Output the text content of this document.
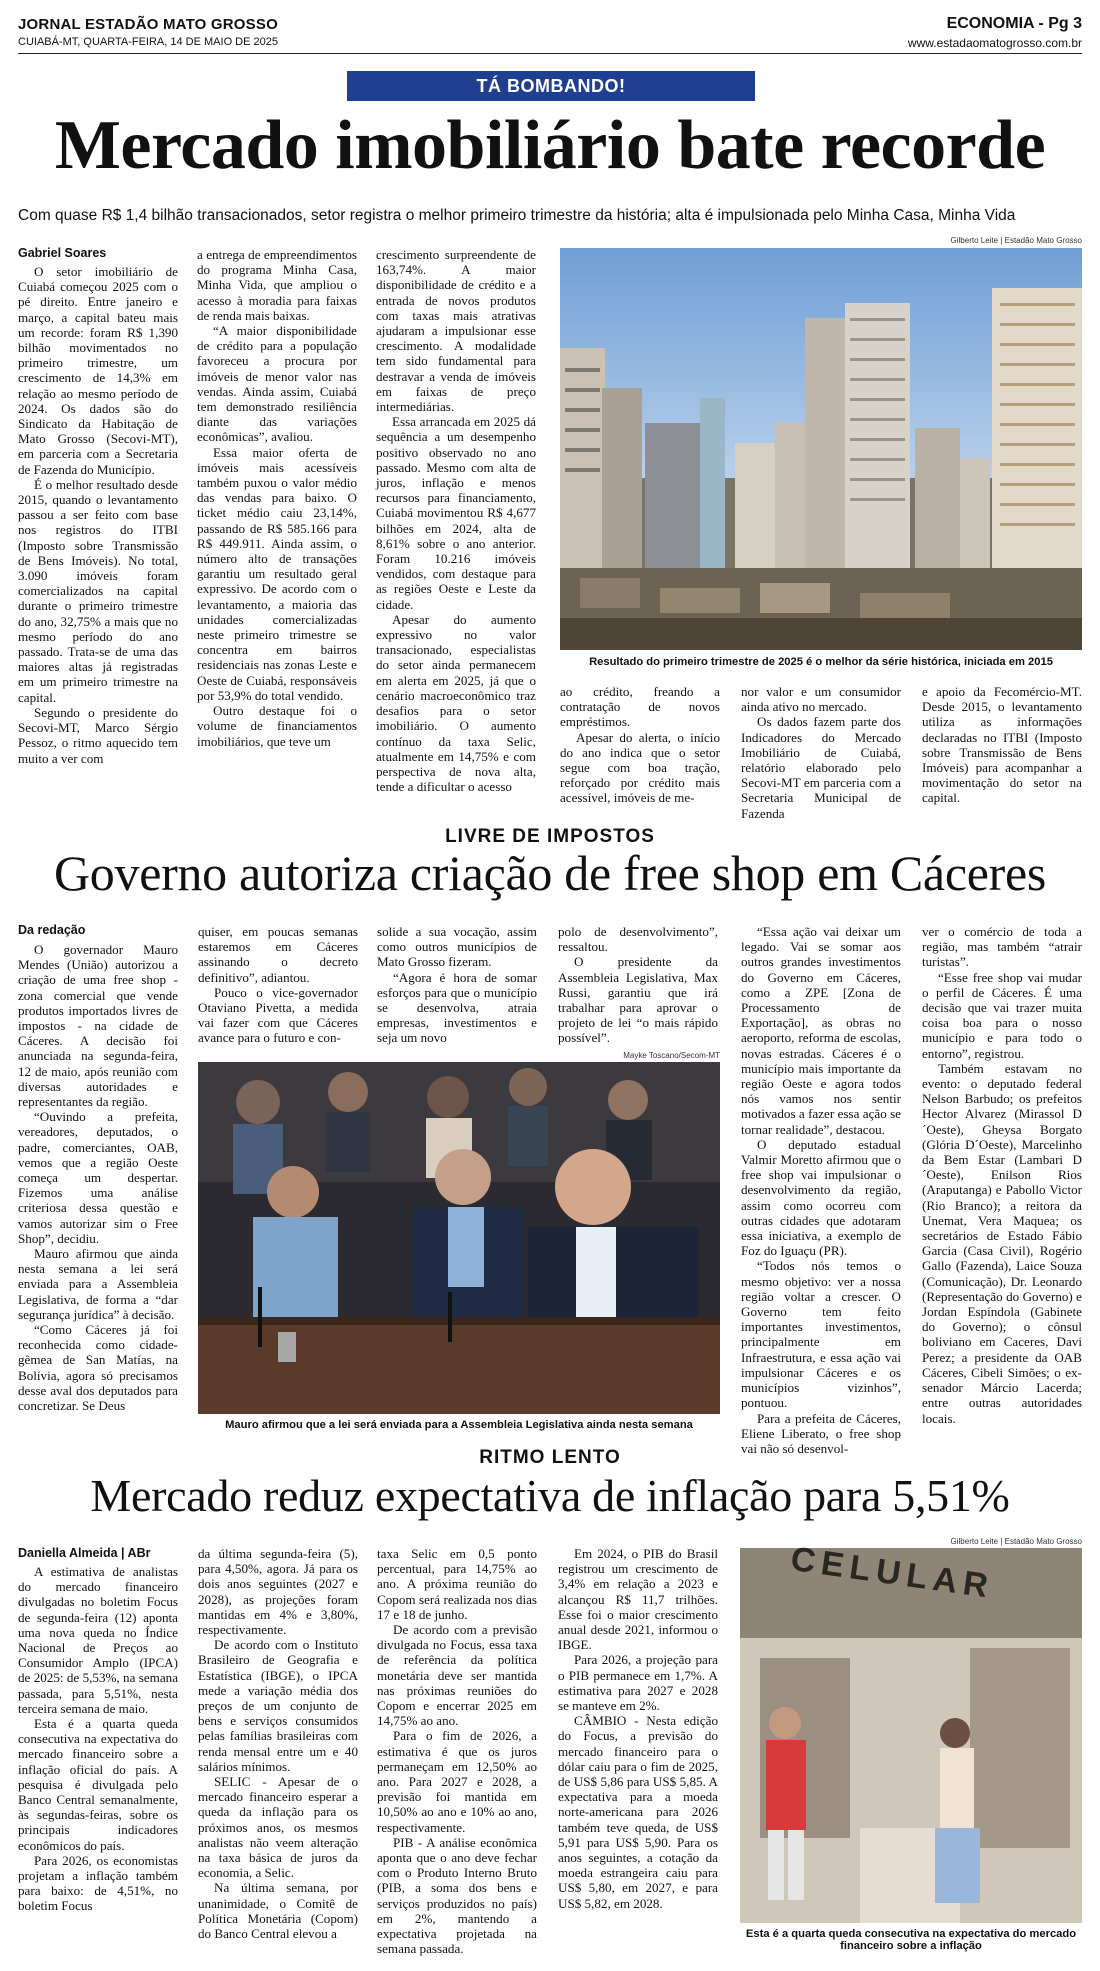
JORNAL ESTADÃO MATO GROSSO
CUIABÁ-MT, QUARTA-FEIRA, 14 DE MAIO DE 2025
ECONOMIA - Pg 3
www.estadaomatogrosso.com.br
TÁ BOMBANDO!
Mercado imobiliário bate recorde
Com quase R$ 1,4 bilhão transacionados, setor registra o melhor primeiro trimestre da história; alta é impulsionada pelo Minha Casa, Minha Vida
Gabriel Soares

O setor imobiliário de Cuiabá começou 2025 com o pé direito. Entre janeiro e março, a capital bateu mais um recorde: foram R$ 1,390 bilhão movimentados no primeiro trimestre, um crescimento de 14,3% em relação ao mesmo período de 2024. Os dados são do Sindicato da Habitação de Mato Grosso (Secovi-MT), em parceria com a Secretaria de Fazenda do Município.

É o melhor resultado desde 2015, quando o levantamento passou a ser feito com base nos registros do ITBI (Imposto sobre Transmissão de Bens Imóveis). No total, 3.090 imóveis foram comercializados na capital durante o primeiro trimestre do ano, 32,75% a mais que no mesmo período do ano passado. Trata-se de uma das maiores altas já registradas em um primeiro trimestre na capital.

Segundo o presidente do Secovi-MT, Marco Sérgio Pessoz, o ritmo aquecido tem muito a ver com

a entrega de empreendimentos do programa Minha Casa, Minha Vida, que ampliou o acesso à moradia para faixas de renda mais baixas.

“A maior disponibilidade de crédito para a população favoreceu a procura por imóveis de menor valor nas vendas. Ainda assim, Cuiabá tem demonstrado resiliência diante das variações econômicas”, avaliou.

Essa maior oferta de imóveis mais acessíveis também puxou o valor médio das vendas para baixo. O ticket médio caiu 23,14%, passando de R$ 585.166 para R$ 449.911. Ainda assim, o número alto de transações garantiu um resultado geral expressivo. De acordo com o levantamento, a maioria das unidades comercializadas neste primeiro trimestre se concentra em bairros residenciais nas zonas Leste e Oeste de Cuiabá, responsáveis por 53,9% do total vendido.

Outro destaque foi o volume de financiamentos imobiliários, que teve um

crescimento surpreendente de 163,74%. A maior disponibilidade de crédito e a entrada de novos produtos com taxas mais atrativas ajudaram a impulsionar esse crescimento. A modalidade tem sido fundamental para destravar a venda de imóveis em faixas de preço intermediárias.

Essa arrancada em 2025 dá sequência a um desempenho positivo observado no ano passado. Mesmo com alta de juros, inflação e menos recursos para financiamento, Cuiabá movimentou R$ 4,677 bilhões em 2024, alta de 8,61% sobre o ano anterior. Foram 10.216 imóveis vendidos, com destaque para as regiões Oeste e Leste da cidade.

Apesar do aumento expressivo no valor transacionado, especialistas do setor ainda permanecem em alerta em 2025, já que o cenário macroeconômico traz desafios para o setor imobiliário. O aumento contínuo da taxa Selic, atualmente em 14,75% e com perspectiva de nova alta, tende a dificultar o acesso

Gilberto Leite | Estadão Mato Grosso
Resultado do primeiro trimestre de 2025 é o melhor da série histórica, iniciada em 2015

ao crédito, freando a contratação de novos empréstimos.

Apesar do alerta, o início do ano indica que o setor segue com boa tração, reforçado por crédito mais acessível, imóveis de me-

nor valor e um consumidor ainda ativo no mercado.

Os dados fazem parte dos Indicadores do Mercado Imobiliário de Cuiabá, relatório elaborado pelo Secovi-MT em parceria com a Secretaria Municipal de Fazenda

e apoio da Fecomércio-MT. Desde 2015, o levantamento utiliza as informações declaradas no ITBI (Imposto sobre Transmissão de Bens Imóveis) para acompanhar a movimentação do setor na capital.

LIVRE DE IMPOSTOS
Governo autoriza criação de free shop em Cáceres
Da redação

O governador Mauro Mendes (União) autorizou a criação de uma free shop - zona comercial que vende produtos importados livres de impostos - na cidade de Cáceres. A decisão foi anunciada na segunda-feira, 12 de maio, após reunião com diversas autoridades e representantes da região.

“Ouvindo a prefeita, vereadores, deputados, o padre, comerciantes, OAB, vemos que a região Oeste começa um despertar. Fizemos uma análise criteriosa dessa questão e vamos autorizar sim o Free Shop”, decidiu.

Mauro afirmou que ainda nesta semana a lei será enviada para a Assembleia Legislativa, de forma a “dar segurança jurídica” à decisão.

“Como Cáceres já foi reconhecida como cidade-gêmea de San Matías, na Bolívia, agora só precisamos desse aval dos deputados para concretizar. Se Deus

quiser, em poucas semanas estaremos em Cáceres assinando o decreto definitivo”, adiantou.

Pouco o vice-governador Otaviano Pivetta, a medida vai fazer com que Cáceres avance para o futuro e con-

solide a sua vocação, assim como outros municípios de Mato Grosso fizeram.

“Agora é hora de somar esforços para que o município se desenvolva, atraia empresas, investimentos e seja um novo

polo de desenvolvimento”, ressaltou.

O presidente da Assembleia Legislativa, Max Russi, garantiu que irá trabalhar para aprovar o projeto de lei “o mais rápido possível”.

Mayke Toscano/Secom-MT
Mauro afirmou que a lei será enviada para a Assembleia Legislativa ainda nesta semana

“Essa ação vai deixar um legado. Vai se somar aos outros grandes investimentos do Governo em Cáceres, como a ZPE [Zona de Processamento de Exportação], as obras no aeroporto, reforma de escolas, novas estradas. Cáceres é o município mais importante da região Oeste e agora todos nós vamos nos sentir motivados a fazer essa ação se tornar realidade”, destacou.

O deputado estadual Valmir Moretto afirmou que o free shop vai impulsionar o desenvolvimento da região, assim como ocorreu com outras cidades que adotaram essa iniciativa, a exemplo de Foz do Iguaçu (PR).

“Todos nós temos o mesmo objetivo: ver a nossa região voltar a crescer. O Governo tem feito importantes investimentos, principalmente em Infraestrutura, e essa ação vai impulsionar Cáceres e os municípios vizinhos”, pontuou.

Para a prefeita de Cáceres, Eliene Liberato, o free shop vai não só desenvol-

ver o comércio de toda a região, mas também “atrair turistas”.

“Esse free shop vai mudar o perfil de Cáceres. É uma decisão que vai trazer muita coisa boa para o nosso município e para todo o entorno”, registrou.

Também estavam no evento: o deputado federal Nelson Barbudo; os prefeitos Hector Alvarez (Mirassol D´Oeste), Gheysa Borgato (Glória D´Oeste), Marcelinho da Bem Estar (Lambari D´Oeste), Enilson Rios (Araputanga) e Pabollo Victor (Rio Branco); a reitora da Unemat, Vera Maquea; os secretários de Estado Fábio Garcia (Casa Civil), Rogério Gallo (Fazenda), Laice Souza (Comunicação), Dr. Leonardo (Representação do Governo) e Jordan Espíndola (Gabinete do Governo); o cônsul boliviano em Caceres, Davi Perez; a presidente da OAB Cáceres, Cibeli Simões; o ex-senador Márcio Lacerda; entre outras autoridades locais.

RITMO LENTO
Mercado reduz expectativa de inflação para 5,51%
Daniella Almeida | ABr

A estimativa de analistas do mercado financeiro divulgadas no boletim Focus de segunda-feira (12) aponta uma nova queda no Índice Nacional de Preços ao Consumidor Amplo (IPCA) de 2025: de 5,53%, na semana passada, para 5,51%, nesta terceira semana de maio.

Esta é a quarta queda consecutiva na expectativa do mercado financeiro sobre a inflação oficial do país. A pesquisa é divulgada pelo Banco Central semanalmente, às segundas-feiras, sobre os principais indicadores econômicos do país.

Para 2026, os economistas projetam a inflação também para baixo: de 4,51%, no boletim Focus

da última segunda-feira (5), para 4,50%, agora. Já para os dois anos seguintes (2027 e 2028), as projeções foram mantidas em 4% e 3,80%, respectivamente.

De acordo com o Instituto Brasileiro de Geografia e Estatística (IBGE), o IPCA mede a variação média dos preços de um conjunto de bens e serviços consumidos pelas famílias brasileiras com renda mensal entre um e 40 salários mínimos.

SELIC - Apesar de o mercado financeiro esperar a queda da inflação para os próximos anos, os mesmos analistas não veem alteração na taxa básica de juros da economia, a Selic.

Na última semana, por unanimidade, o Comitê de Política Monetária (Copom) do Banco Central elevou a

taxa Selic em 0,5 ponto percentual, para 14,75% ao ano. A próxima reunião do Copom será realizada nos dias 17 e 18 de junho.

De acordo com a previsão divulgada no Focus, essa taxa de referência da política monetária deve ser mantida nas próximas reuniões do Copom e encerrar 2025 em 14,75% ao ano.

Para o fim de 2026, a estimativa é que os juros permaneçam em 12,50% ao ano. Para 2027 e 2028, a previsão foi mantida em 10,50% ao ano e 10% ao ano, respectivamente.

PIB - A análise econômica aponta que o ano deve fechar com o Produto Interno Bruto (PIB, a soma dos bens e serviços produzidos no país) em 2%, mantendo a expectativa projetada na semana passada.

Em 2024, o PIB do Brasil registrou um crescimento de 3,4% em relação a 2023 e alcançou R$ 11,7 trilhões. Esse foi o maior crescimento anual desde 2021, informou o IBGE.

Para 2026, a projeção para o PIB permanece em 1,7%. A estimativa para 2027 e 2028 se manteve em 2%.

CÂMBIO - Nesta edição do Focus, a previsão do mercado financeiro para o dólar caiu para o fim de 2025, de US$ 5,86 para US$ 5,85. A expectativa para a moeda norte-americana para 2026 também teve queda, de US$ 5,91 para US$ 5,90. Para os anos seguintes, a cotação da moeda estrangeira caiu para US$ 5,80, em 2027, e para US$ 5,82, em 2028.

Gilberto Leite | Estadão Mato Grosso
CELULAR
Esta é a quarta queda consecutiva na expectativa do mercado financeiro sobre a inflação
